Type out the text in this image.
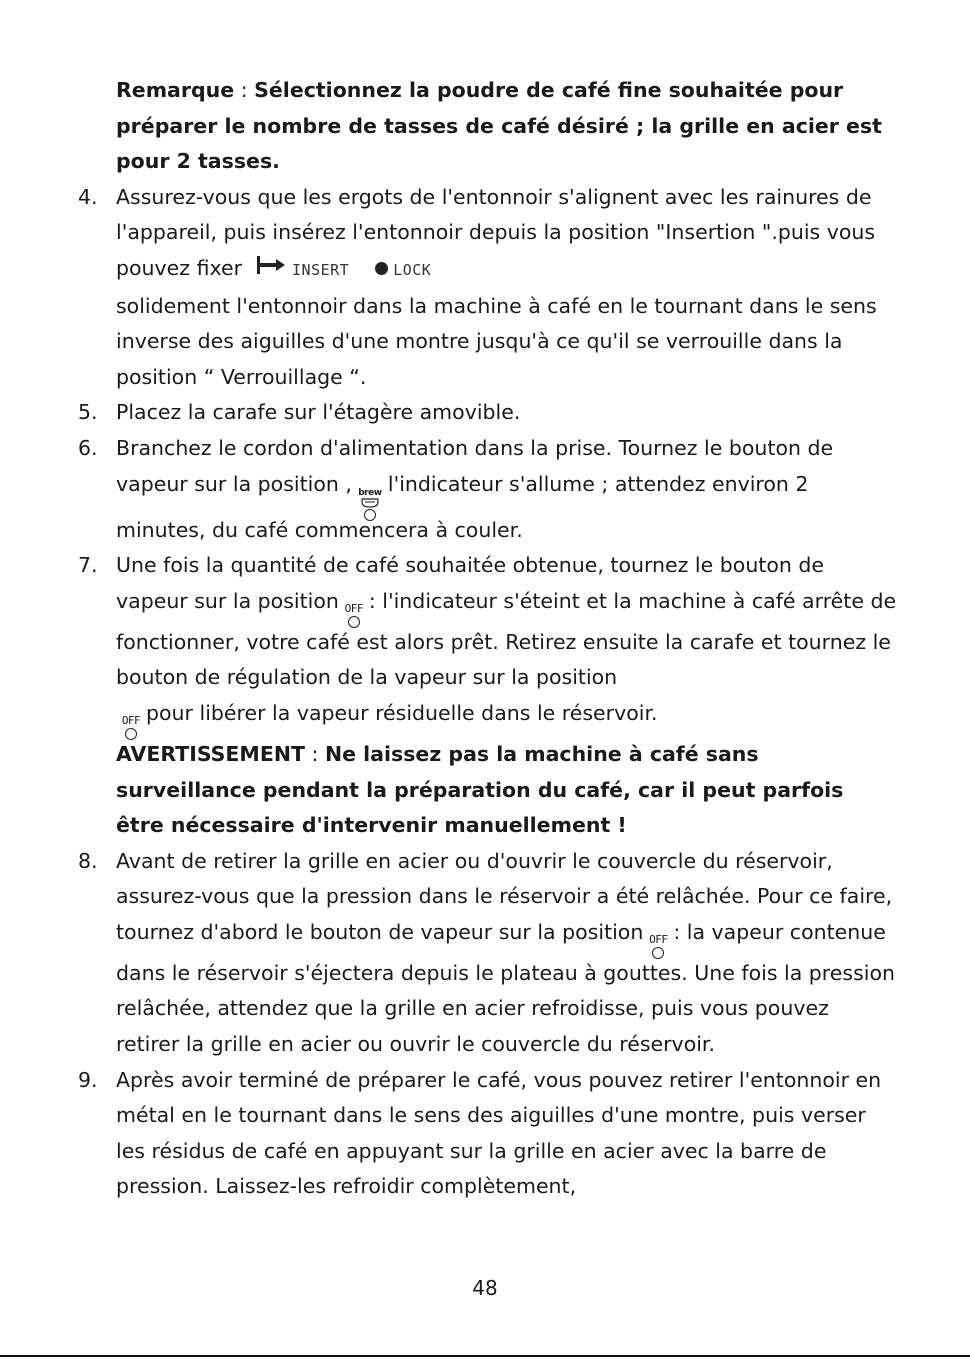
Remarque : Sélectionnez la poudre de café fine souhaitée pour préparer le nombre de tasses de café désiré ; la grille en acier est pour 2 tasses.

4. Assurez-vous que les ergots de l'entonnoir s'alignent avec les rainures de l'appareil, puis insérez l'entonnoir depuis la position "Insertion ".puis vous pouvez fixer	INSERT	LOCK
solidement l'entonnoir dans la machine à café en le tournant dans le sens inverse des aiguilles d'une montre jusqu'à ce qu'il se verrouille dans la position “ Verrouillage “.

5. Placez la carafe sur l'étagère amovible.

6. Branchez le cordon d'alimentation dans la prise. Tournez le bouton de vapeur sur la position , brew l'indicateur s'allume ; attendez environ 2 minutes, du café commencera à couler.

7. Une fois la quantité de café souhaitée obtenue, tournez le bouton de vapeur sur la position OFF : l'indicateur s'éteint et la machine à café arrête de fonctionner, votre café est alors prêt. Retirez ensuite la carafe et tournez le bouton de régulation de la vapeur sur la position

OFF pour libérer la vapeur résiduelle dans le réservoir.

AVERTISSEMENT : Ne laissez pas la machine à café sans surveillance pendant la préparation du café, car il peut parfois être nécessaire d'intervenir manuellement !

8. Avant de retirer la grille en acier ou d'ouvrir le couvercle du réservoir, assurez-vous que la pression dans le réservoir a été relâchée. Pour ce faire, tournez d'abord le bouton de vapeur sur la position OFF : la vapeur contenue dans le réservoir s'éjectera depuis le plateau à gouttes. Une fois la pression relâchée, attendez que la grille en acier refroidisse, puis vous pouvez retirer la grille en acier ou ouvrir le couvercle du réservoir.

9. Après avoir terminé de préparer le café, vous pouvez retirer l'entonnoir en métal en le tournant dans le sens des aiguilles d'une montre, puis verser les résidus de café en appuyant sur la grille en acier avec la barre de pression. Laissez-les refroidir complètement,

48
